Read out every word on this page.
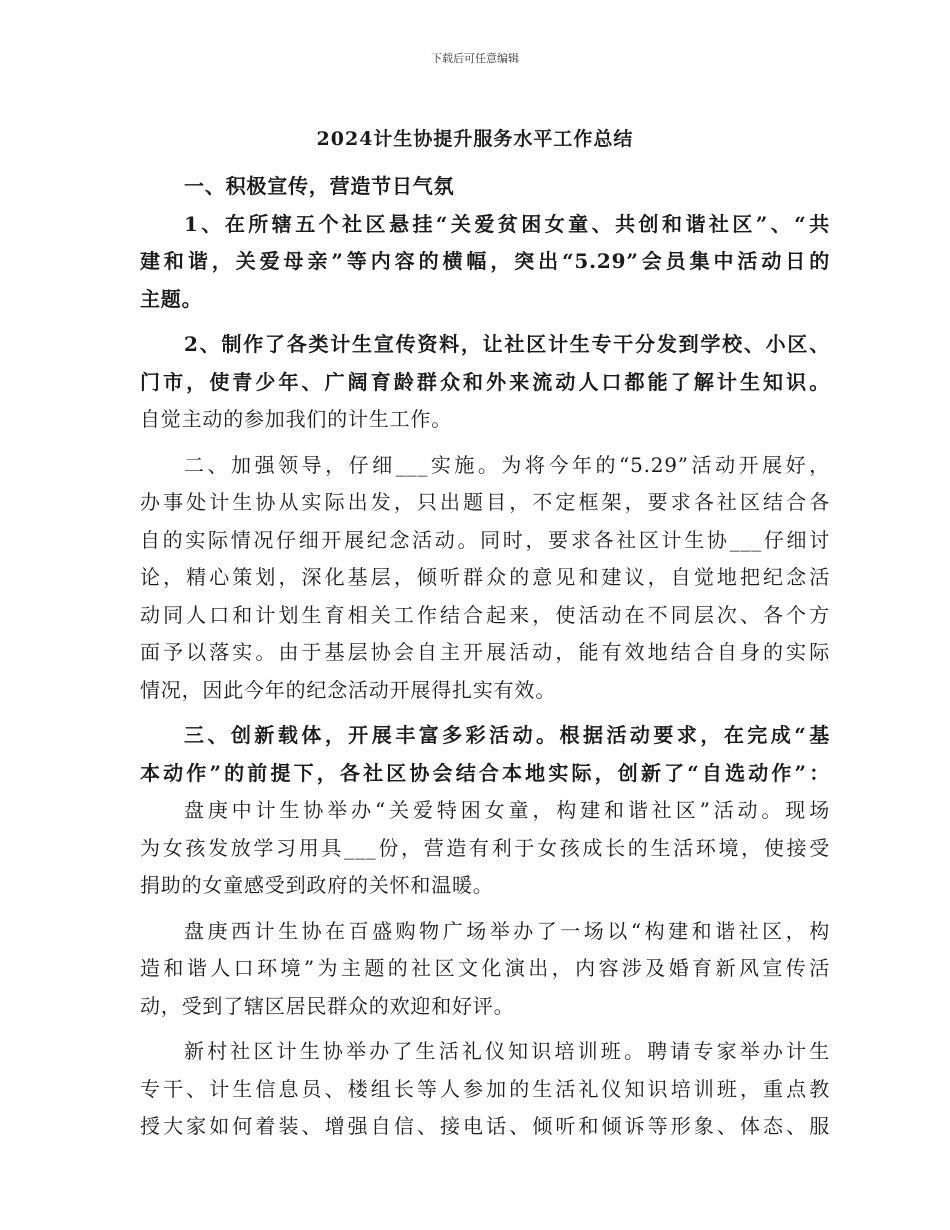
下载后可任意编辑
2024计生协提升服务水平工作总结
一、积极宣传，营造节日气氛
1、在所辖五个社区悬挂“关爱贫困女童、共创和谐社区”、“共
建和谐，关爱母亲”等内容的横幅，突出“5.29”会员集中活动日的
主题。
2、制作了各类计生宣传资料，让社区计生专干分发到学校、小区、
门市，使青少年、广阔育龄群众和外来流动人口都能了解计生知识。
自觉主动的参加我们的计生工作。
二、加强领导，仔细___实施。为将今年的“5.29”活动开展好，
办事处计生协从实际出发，只出题目，不定框架，要求各社区结合各
自的实际情况仔细开展纪念活动。同时，要求各社区计生协___仔细讨
论，精心策划，深化基层，倾听群众的意见和建议，自觉地把纪念活
动同人口和计划生育相关工作结合起来，使活动在不同层次、各个方
面予以落实。由于基层协会自主开展活动，能有效地结合自身的实际
情况，因此今年的纪念活动开展得扎实有效。
三、创新载体，开展丰富多彩活动。根据活动要求，在完成“基
本动作”的前提下，各社区协会结合本地实际，创新了“自选动作”：
盘庚中计生协举办“关爱特困女童，构建和谐社区”活动。现场
为女孩发放学习用具___份，营造有利于女孩成长的生活环境，使接受
捐助的女童感受到政府的关怀和温暖。
盘庚西计生协在百盛购物广场举办了一场以“构建和谐社区，构
造和谐人口环境”为主题的社区文化演出，内容涉及婚育新风宣传活
动，受到了辖区居民群众的欢迎和好评。
新村社区计生协举办了生活礼仪知识培训班。聘请专家举办计生
专干、计生信息员、楼组长等人参加的生活礼仪知识培训班，重点教
授大家如何着装、增强自信、接电话、倾听和倾诉等形象、体态、服
